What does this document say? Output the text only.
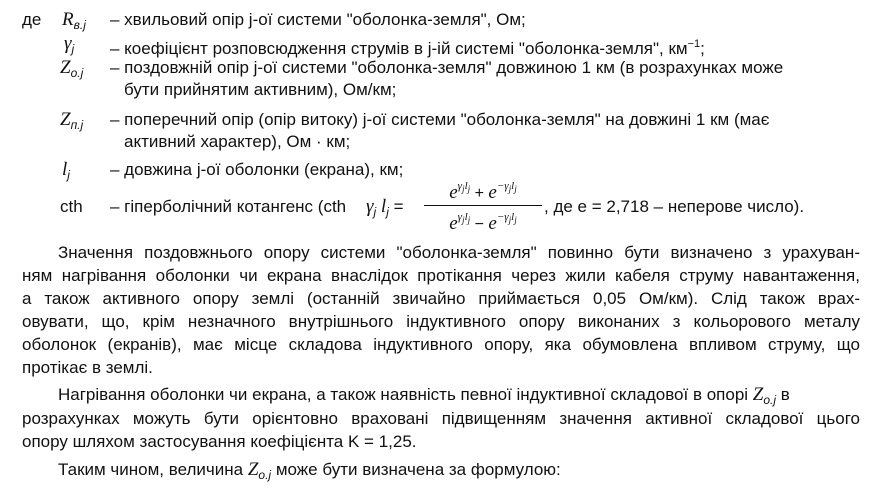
де $R_{в.j}$ – хвильовий опір j-ої системи "оболонка-земля", Ом;
$\gamma_j$ – коефіцієнт розповсюдження струмів в j-ій системі "оболонка-земля", $км^{-1}$;
$Z_{o.j}$ – поздовжній опір j-ої системи "оболонка-земля" довжиною 1 км (в розрахунках може
бути прийнятим активним), Ом/км;
$Z_{п.j}$ – поперечний опір (опір витоку) j-ої системи "оболонка-земля" на довжині 1 км (має
активний характер), Ом · км;
$l_j$ – довжина j-ої оболонки (екрана), км;
cth – гіперболічний котангенс (cth $\gamma_j$ $l_j$ =
$e^{\gamma_jl_j} + e^{-\gamma_jl_j}$
$e^{\gamma_jl_j} - e^{-\gamma_jl_j}$
, де e = 2,718 – неперове число).
Значення поздовжнього опору системи "оболонка-земля" повинно бути визначено з урахуван-
ням нагрівання оболонки чи екрана внаслідок протікання через жили кабеля струму навантаження,
а також активного опору землі (останній звичайно приймається 0,05 Ом/км). Слід також врах-
овувати, що, крім незначного внутрішнього індуктивного опору виконаних з кольорового металу
оболонок (екранів), має місце складова індуктивного опору, яка обумовлена впливом струму, що
протікає в землі.
Нагрівання оболонки чи екрана, а також наявність певної індуктивної складової в опорі $Z_{o.j}$ в
розрахунках можуть бути орієнтовно враховані підвищенням значення активної складової цього
опору шляхом застосування коефіцієнта K = 1,25.
Таким чином, величина $Z_{o.j}$ може бути визначена за формулою:
